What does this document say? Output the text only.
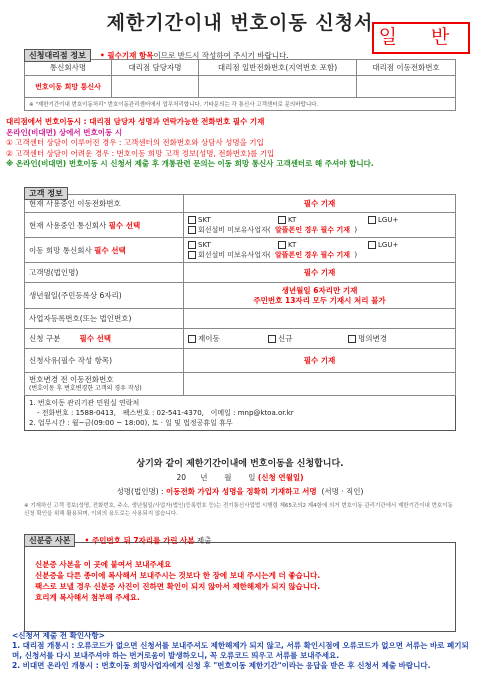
제한기간이내 번호이동 신청서
일 반
신청대리점 정보 • 필수기재 항목이므로 반드시 작성하여 주시기 바랍니다.
통신회사명	대리점 담당자명	대리점 일반전화번호(지역번호 포함)	대리점 이동전화번호
번호이동 희망 통신사			
※ "제한기간이내 번호이동처리" 번호이동관리센터에서 업무처리합니다. 기타문의는 각 통신사 고객센터로 문의바랍니다.			
대리점에서 번호이동시 : 대리점 담당자 성명과 연락가능한 전화번호 필수 기재
온라인(비대면) 상에서 번호이동 시
① 고객센터 상담이 이루어진 경우 : 고객센터의 전화번호와 상담사 성명을 기입
② 고객센터 상담이 어려운 경우 : 번호이동 희망 고객 정보(성명, 전화번호)를 기입
※ 온라인(비대면) 번호이동 시 신청서 제출 후 개통관련 문의는 이동 희망 통신사 고객센터로 해 주셔야 합니다.
고객 정보
현재 사용중인 이동전화번호	필수 기재
현재 사용중인 통신회사 필수 선택	SKT KT LGU+
회선설비 미보유사업자( 알뜰폰인 경우 필수 기재 )
이동 희망 통신회사 필수 선택	SKT KT LGU+
회선설비 미보유사업자( 알뜰폰인 경우 필수 기재 )
고객명(법인명)	필수 기재
생년월일(주민등록상 6자리)	생년월일 6자리만 기재
주민번호 13자리 모두 기재시 처리 불가

사업자등록번호(또는 법인번호)	
신청 구분 필수 선택	재이동 신규 명의변경
신청사유(필수 작성 항목)	필수 기재

번호변경 전 이동전화번호
(번호이동 후 번호변경한 고객의 경우 작성)	

1. 번호이동 관리기관 민원실 연락처
- 전화번호 : 1588-0413, 팩스번호 : 02-541-4370, 이메일 : mnp@ktoa.or.kr
2. 업무시간 : 월~금(09:00 ~ 18:00), 토 · 일 및 법정공휴일 휴무
상기와 같이 제한기간이내에 번호이동을 신청합니다.
20 년 월 일 (신청 연월일)
성명(법인명) : 이동전화 가입자 성명을 정확히 기재하고 서명 (서명 · 직인)
※ 기재하신 고객 정보(성명, 전화번호, 주소, 생년월일/사업자(법인)등록번호 등)는 전기통신사업법 시행령 제65조의2 제4항에 의거 번호이동 관리기관에서 제한기간이내 번호이동 신청 확인을 위해 활용되며, 이외의 용도로는 사용되지 않습니다.
신분증 사본 • 주민번호 뒤 7자리를 가린 사본 제출
신분증 사본을 이 곳에 붙여서 보내주세요
신분증을 다른 종이에 복사해서 보내주시는 것보다 한 장에 보내 주시는게 더 좋습니다.
팩스로 보낼 경우 신분증 사진이 진하면 확인이 되지 않아서 제한해제가 되지 않습니다.
흐리게 복사해서 첨부해 주세요.
<신청서 제출 전 확인사항>
1. 대리점 개통시 : 오류코드가 없으면 신청서를 보내주셔도 제한해제가 되지 않고, 서류 확인시점에 오류코드가 없으면 서류는 바로 폐기되며, 신청서를 다시 보내주셔야 하는 번거로움이 발생하오니, 꼭 오류코드 띄우고 서류를 보내주세요.
2. 비대면 온라인 개통시 : 번호이동 희망사업자에게 신청 후 "번호이동 제한기간"이라는 응답을 받은 후 신청서 제출 바랍니다.
